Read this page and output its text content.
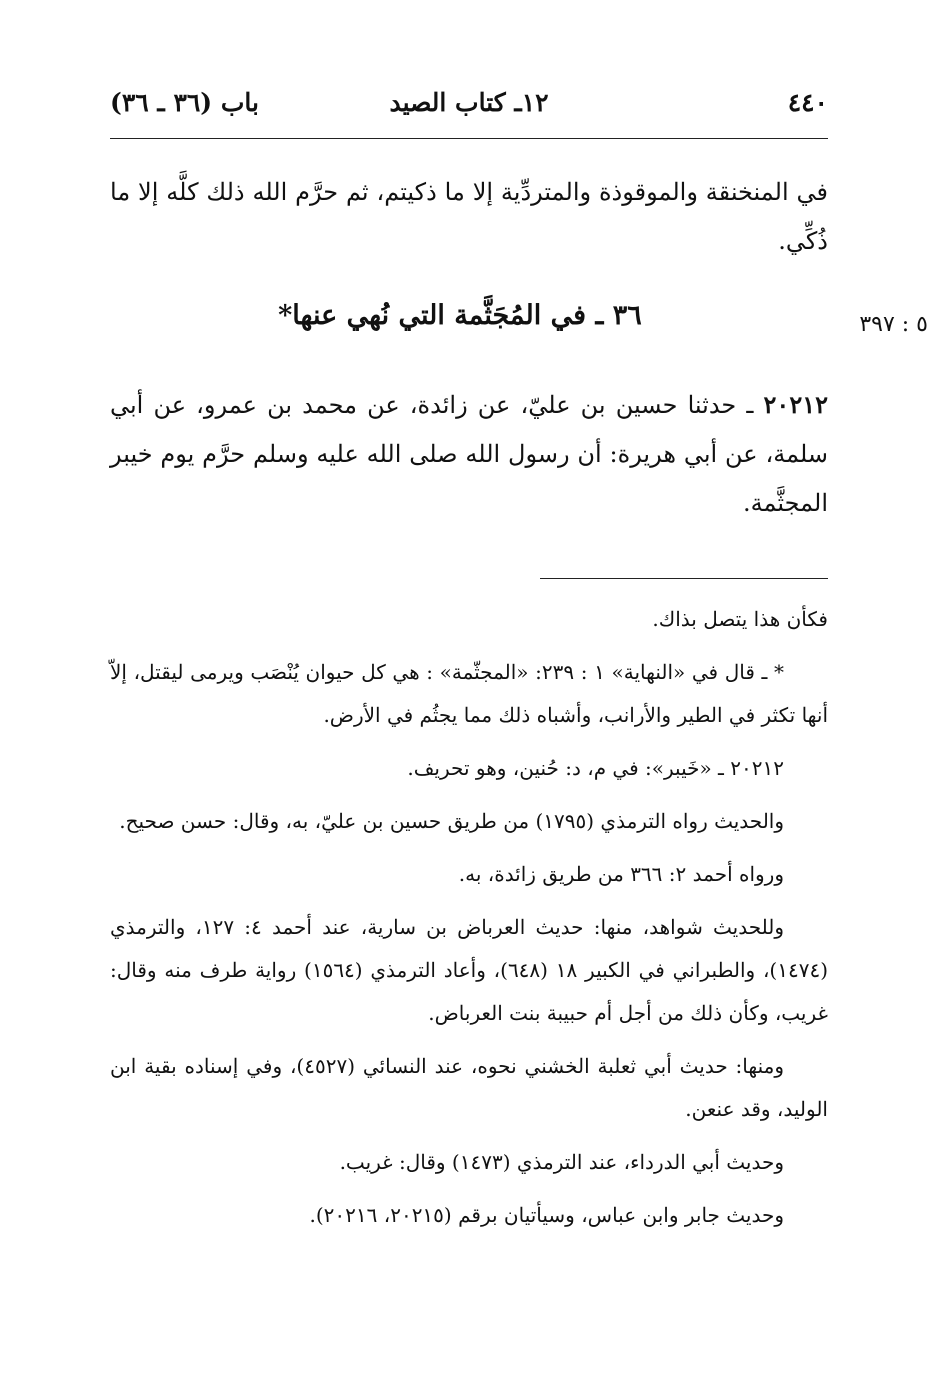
٤٤٠
١٢ـ كتاب الصيد
باب (٣٦ ـ ٣٦)
في المنخنقة والموقوذة والمتردِّية إلا ما ذكيتم، ثم حرَّم الله ذلك كلَّه إلا ما ذُكِّي.
٣٦ ـ في المُجَثَّمة التي نُهي عنها*	٥ : ٣٩٧
٢٠٢١٢ ـ حدثنا حسين بن عليّ، عن زائدة، عن محمد بن عمرو، عن أبي سلمة، عن أبي هريرة: أن رسول الله صلى الله عليه وسلم حرَّم يوم خيبر المجثَّمة.

فكأن هذا يتصل بذاك.

* ـ قال في «النهاية» ١ : ٢٣٩: «المجثّمة» : هي كل حيوان يُنْصَب ويرمى ليقتل، إلاّ أنها تكثر في الطير والأرانب، وأشباه ذلك مما يجثُم في الأرض.

٢٠٢١٢ ـ «خَيبر»: في م، د: حُنين، وهو تحريف.

والحديث رواه الترمذي (١٧٩٥) من طريق حسين بن عليّ، به، وقال: حسن صحيح.

ورواه أحمد ٢: ٣٦٦ من طريق زائدة، به.

وللحديث شواهد، منها: حديث العرباض بن سارية، عند أحمد ٤: ١٢٧، والترمذي (١٤٧٤)، والطبراني في الكبير ١٨ (٦٤٨)، وأعاد الترمذي (١٥٦٤) رواية طرف منه وقال: غريب، وكأن ذلك من أجل أم حبيبة بنت العرباض.

ومنها: حديث أبي ثعلبة الخشني نحوه، عند النسائي (٤٥٢٧)، وفي إسناده بقية ابن الوليد، وقد عنعن.

وحديث أبي الدرداء، عند الترمذي (١٤٧٣) وقال: غريب.

وحديث جابر وابن عباس، وسيأتيان برقم (٢٠٢١٥، ٢٠٢١٦).
